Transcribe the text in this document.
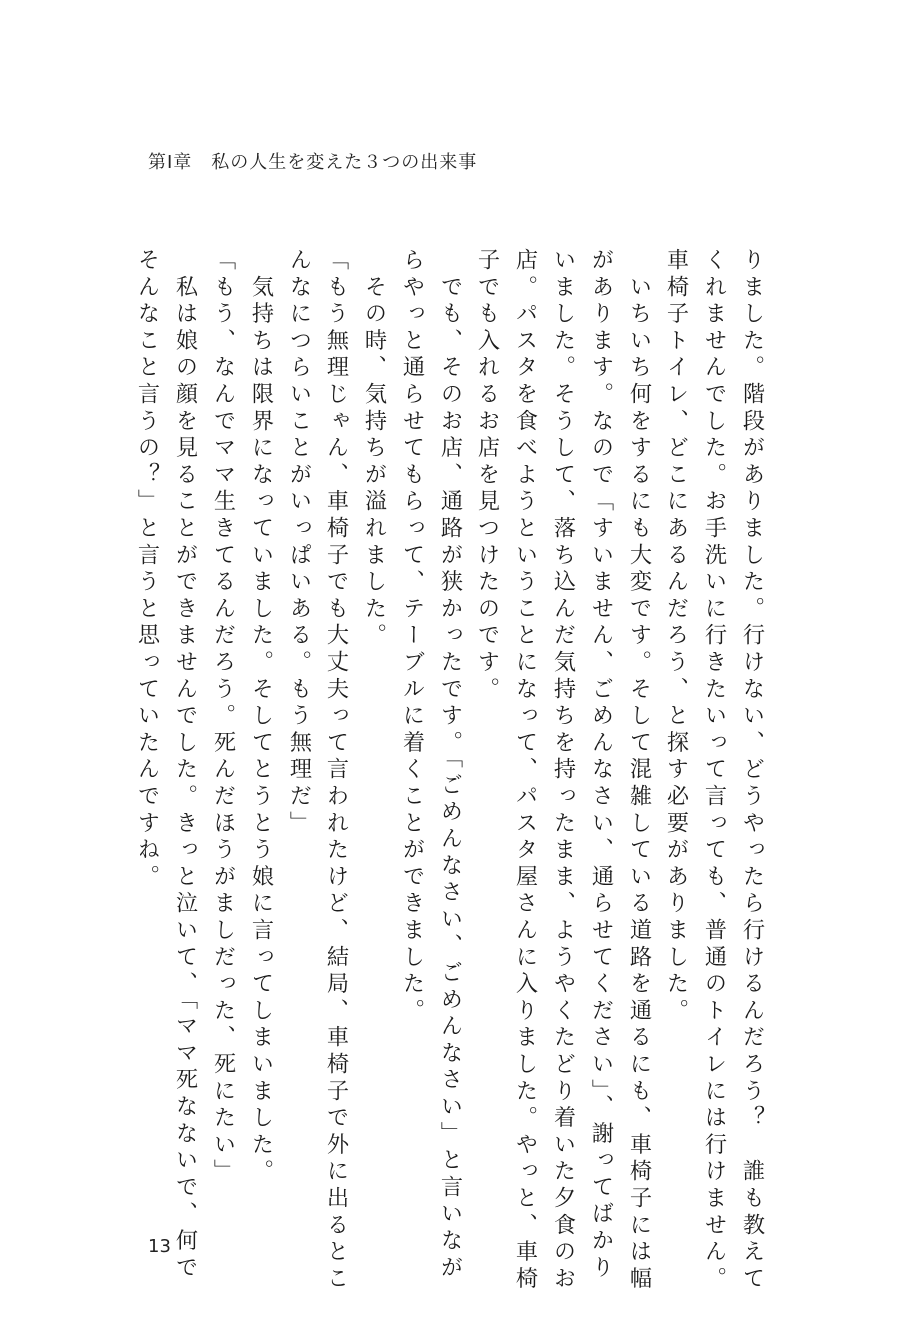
第Ⅰ章　私の人生を変えた３つの出来事
りました。階段がありました。行けない、どうやったら行けるんだろう？　誰も教えて
くれませんでした。お手洗いに行きたいって言っても、普通のトイレには行けません。
車椅子トイレ、どこにあるんだろう、と探す必要がありました。
　いちいち何をするにも大変です。そして混雑している道路を通るにも、車椅子には幅
があります。なので「すいません、ごめんなさい、通らせてください」、謝ってばかり
いました。そうして、落ち込んだ気持ちを持ったまま、ようやくたどり着いた夕食のお
店。パスタを食べようということになって、パスタ屋さんに入りました。やっと、車椅
子でも入れるお店を見つけたのです。
　でも、そのお店、通路が狭かったです。「ごめんなさい、ごめんなさい」と言いなが
らやっと通らせてもらって、テーブルに着くことができました。
　その時、気持ちが溢れました。
「もう無理じゃん、車椅子でも大丈夫って言われたけど、結局、車椅子で外に出るとこ
んなにつらいことがいっぱいある。もう無理だ」
　気持ちは限界になっていました。そしてとうとう娘に言ってしまいました。
「もう、なんでママ生きてるんだろう。死んだほうがましだった、死にたい」
　私は娘の顔を見ることができませんでした。きっと泣いて、「ママ死なないで、何で
そんなこと言うの？」と言うと思っていたんですね。
13
